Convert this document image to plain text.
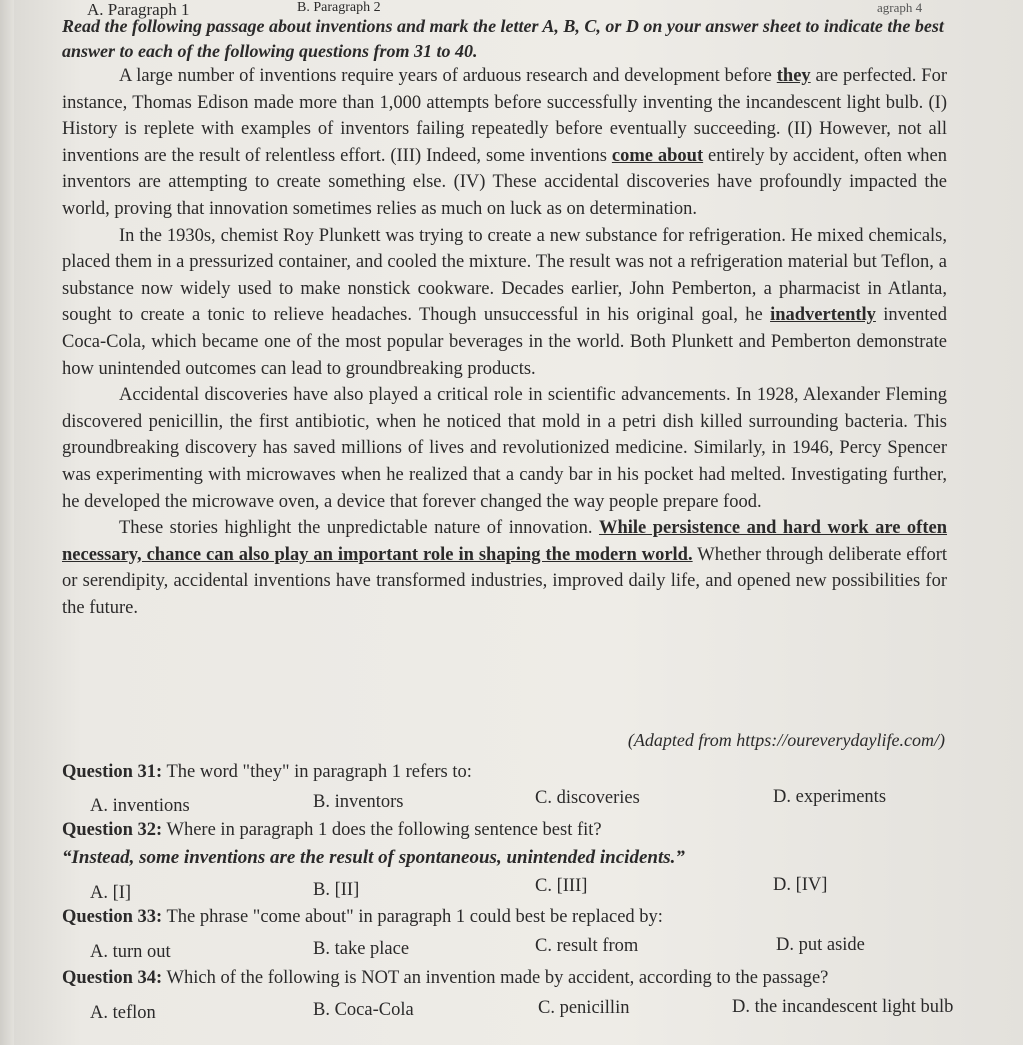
A. Paragraph 1	B. Paragraph 2	agraph 4
Read the following passage about inventions and mark the letter A, B, C, or D on your answer sheet to indicate the best answer to each of the following questions from 31 to 40.

A large number of inventions require years of arduous research and development before they are perfected. For instance, Thomas Edison made more than 1,000 attempts before successfully inventing the incandescent light bulb. (I) History is replete with examples of inventors failing repeatedly before eventually succeeding. (II) However, not all inventions are the result of relentless effort. (III) Indeed, some inventions come about entirely by accident, often when inventors are attempting to create something else. (IV) These accidental discoveries have profoundly impacted the world, proving that innovation sometimes relies as much on luck as on determination.

In the 1930s, chemist Roy Plunkett was trying to create a new substance for refrigeration. He mixed chemicals, placed them in a pressurized container, and cooled the mixture. The result was not a refrigeration material but Teflon, a substance now widely used to make nonstick cookware. Decades earlier, John Pemberton, a pharmacist in Atlanta, sought to create a tonic to relieve headaches. Though unsuccessful in his original goal, he inadvertently invented Coca-Cola, which became one of the most popular beverages in the world. Both Plunkett and Pemberton demonstrate how unintended outcomes can lead to groundbreaking products.

Accidental discoveries have also played a critical role in scientific advancements. In 1928, Alexander Fleming discovered penicillin, the first antibiotic, when he noticed that mold in a petri dish killed surrounding bacteria. This groundbreaking discovery has saved millions of lives and revolutionized medicine. Similarly, in 1946, Percy Spencer was experimenting with microwaves when he realized that a candy bar in his pocket had melted. Investigating further, he developed the microwave oven, a device that forever changed the way people prepare food.

These stories highlight the unpredictable nature of innovation. While persistence and hard work are often necessary, chance can also play an important role in shaping the modern world. Whether through deliberate effort or serendipity, accidental inventions have transformed industries, improved daily life, and opened new possibilities for the future.

(Adapted from https://oureverydaylife.com/)
Question 31: The word "they" in paragraph 1 refers to:
A. inventions	B. inventors	C. discoveries	D. experiments
Question 32: Where in paragraph 1 does the following sentence best fit?
“Instead, some inventions are the result of spontaneous, unintended incidents.”
A. [I]	B. [II]	C. [III]	D. [IV]
Question 33: The phrase "come about" in paragraph 1 could best be replaced by:
A. turn out	B. take place	C. result from	D. put aside
Question 34: Which of the following is NOT an invention made by accident, according to the passage?
A. teflon	B. Coca-Cola	C. penicillin	D. the incandescent light bulb
